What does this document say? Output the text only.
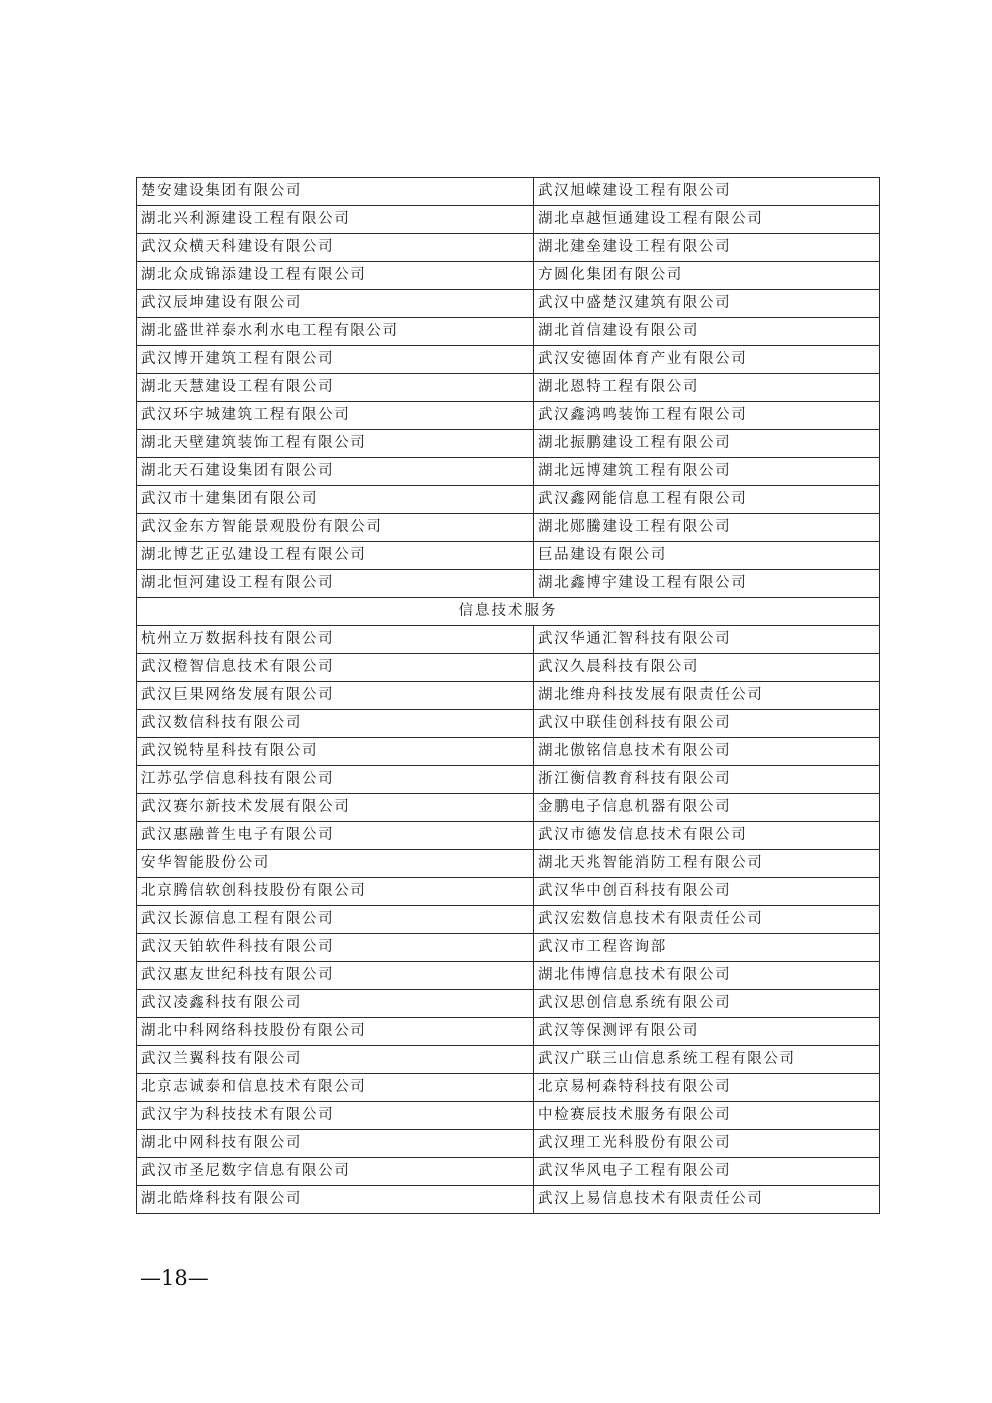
楚安建设集团有限公司	武汉旭嵘建设工程有限公司
湖北兴利源建设工程有限公司	湖北卓越恒通建设工程有限公司
武汉众横天科建设有限公司	湖北建垒建设工程有限公司
湖北众成锦添建设工程有限公司	方圆化集团有限公司
武汉辰坤建设有限公司	武汉中盛楚汉建筑有限公司
湖北盛世祥泰水利水电工程有限公司	湖北首信建设有限公司
武汉博开建筑工程有限公司	武汉安德固体育产业有限公司
湖北天慧建设工程有限公司	湖北恩特工程有限公司
武汉环宇城建筑工程有限公司	武汉鑫鸿鸣装饰工程有限公司
湖北天壁建筑装饰工程有限公司	湖北振鹏建设工程有限公司
湖北天石建设集团有限公司	湖北远博建筑工程有限公司
武汉市十建集团有限公司	武汉鑫网能信息工程有限公司
武汉金东方智能景观股份有限公司	湖北郧騰建设工程有限公司
湖北博艺正弘建设工程有限公司	巨品建设有限公司
湖北恒河建设工程有限公司	湖北鑫博宇建设工程有限公司
信息技术服务	
杭州立万数据科技有限公司	武汉华通汇智科技有限公司
武汉橙智信息技术有限公司	武汉久晨科技有限公司
武汉巨果网络发展有限公司	湖北维舟科技发展有限责任公司
武汉数信科技有限公司	武汉中联佳创科技有限公司
武汉锐特星科技有限公司	湖北傲铭信息技术有限公司
江苏弘学信息科技有限公司	浙江衡信教育科技有限公司
武汉赛尔新技术发展有限公司	金鹏电子信息机器有限公司
武汉惠融普生电子有限公司	武汉市德发信息技术有限公司
安华智能股份公司	湖北天兆智能消防工程有限公司
北京腾信软创科技股份有限公司	武汉华中创百科技有限公司
武汉长源信息工程有限公司	武汉宏数信息技术有限责任公司
武汉天铂软件科技有限公司	武汉市工程咨询部
武汉惠友世纪科技有限公司	湖北伟博信息技术有限公司
武汉凌鑫科技有限公司	武汉思创信息系统有限公司
湖北中科网络科技股份有限公司	武汉等保测评有限公司
武汉兰翼科技有限公司	武汉广联三山信息系统工程有限公司
北京志诚泰和信息技术有限公司	北京易柯森特科技有限公司
武汉宇为科技技术有限公司	中检赛辰技术服务有限公司
湖北中网科技有限公司	武汉理工光科股份有限公司
武汉市圣尼数字信息有限公司	武汉华风电子工程有限公司
湖北皓烽科技有限公司	武汉上易信息技术有限责任公司
—18—
